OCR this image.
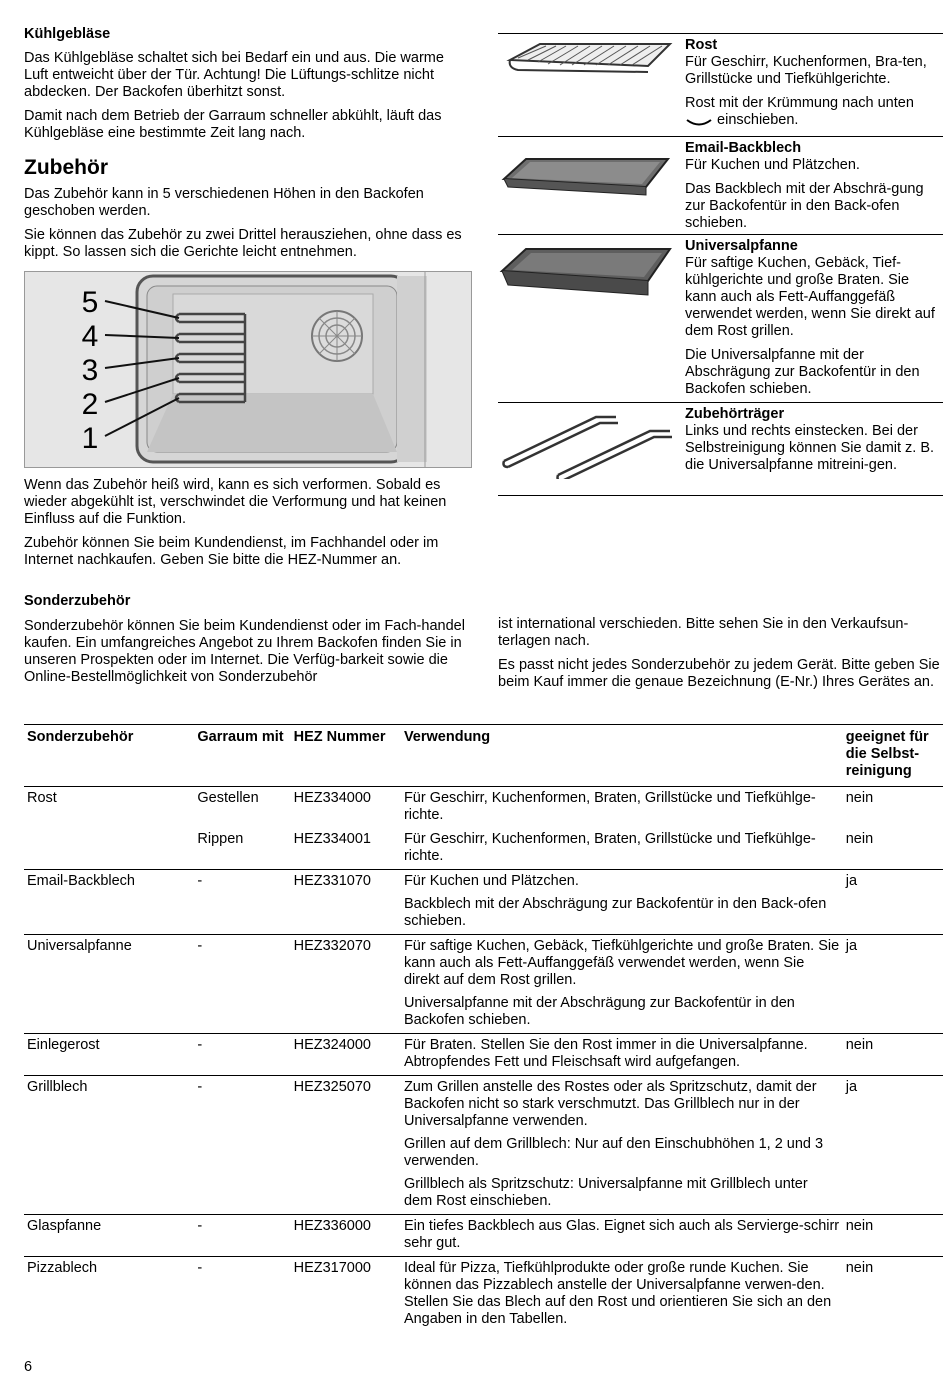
Kühlgebläse

Das Kühlgebläse schaltet sich bei Bedarf ein und aus. Die warme Luft entweicht über der Tür. Achtung! Die Lüftungs-schlitze nicht abdecken. Der Backofen überhitzt sonst.

Damit nach dem Betrieb der Garraum schneller abkühlt, läuft das Kühlgebläse eine bestimmte Zeit lang nach.

Zubehör

Das Zubehör kann in 5 verschiedenen Höhen in den Backofen geschoben werden.

Sie können das Zubehör zu zwei Drittel herausziehen, ohne dass es kippt. So lassen sich die Gerichte leicht entnehmen.

5
4
3
2
1

Wenn das Zubehör heiß wird, kann es sich verformen. Sobald es wieder abgekühlt ist, verschwindet die Verformung und hat keinen Einfluss auf die Funktion.

Zubehör können Sie beim Kundendienst, im Fachhandel oder im Internet nachkaufen. Geben Sie bitte die HEZ-Nummer an.

Rost

Für Geschirr, Kuchenformen, Bra-ten, Grillstücke und Tiefkühlgerichte.

Rost mit der Krümmung nach unten

einschieben.

Email-Backblech

Für Kuchen und Plätzchen.

Das Backblech mit der Abschrä-gung zur Backofentür in den Back-ofen schieben.

Universalpfanne

Für saftige Kuchen, Gebäck, Tief-kühlgerichte und große Braten. Sie kann auch als Fett-Auffanggefäß verwendet werden, wenn Sie direkt auf dem Rost grillen.

Die Universalpfanne mit der Abschrägung zur Backofentür in den Backofen schieben.

Zubehörträger

Links und rechts einstecken. Bei der Selbstreinigung können Sie damit z. B. die Universalpfanne mitreini-gen.

Sonderzubehör

Sonderzubehör können Sie beim Kundendienst oder im Fach-handel kaufen. Ein umfangreiches Angebot zu Ihrem Backofen finden Sie in unseren Prospekten oder im Internet. Die Verfüg-barkeit sowie die Online-Bestellmöglichkeit von Sonderzubehör

ist international verschieden. Bitte sehen Sie in den Verkaufsun-terlagen nach.

Es passt nicht jedes Sonderzubehör zu jedem Gerät. Bitte geben Sie beim Kauf immer die genaue Bezeichnung (E-Nr.) Ihres Gerätes an.

Sonderzubehör	Garraum mit	HEZ Nummer	Verwendung	geeignet für die Selbst-reinigung
Rost	Gestellen	HEZ334000	Für Geschirr, Kuchenformen, Braten, Grillstücke und Tiefkühlge-richte.	nein
	Rippen	HEZ334001	Für Geschirr, Kuchenformen, Braten, Grillstücke und Tiefkühlge-richte.	nein
Email-Backblech	-	HEZ331070	Für Kuchen und Plätzchen.

Backblech mit der Abschrägung zur Backofentür in den Back-ofen schieben.	ja
Universalpfanne	-	HEZ332070	Für saftige Kuchen, Gebäck, Tiefkühlgerichte und große Braten. Sie kann auch als Fett-Auffanggefäß verwendet werden, wenn Sie direkt auf dem Rost grillen.

Universalpfanne mit der Abschrägung zur Backofentür in den Backofen schieben.	ja
Einlegerost	-	HEZ324000	Für Braten. Stellen Sie den Rost immer in die Universalpfanne. Abtropfendes Fett und Fleischsaft wird aufgefangen.	nein
Grillblech	-	HEZ325070	Zum Grillen anstelle des Rostes oder als Spritzschutz, damit der Backofen nicht so stark verschmutzt. Das Grillblech nur in der Universalpfanne verwenden.

Grillen auf dem Grillblech: Nur auf den Einschubhöhen 1, 2 und 3 verwenden.

Grillblech als Spritzschutz: Universalpfanne mit Grillblech unter dem Rost einschieben.	ja
Glaspfanne	-	HEZ336000	Ein tiefes Backblech aus Glas. Eignet sich auch als Servierge-schirr sehr gut.	nein
Pizzablech	-	HEZ317000	Ideal für Pizza, Tiefkühlprodukte oder große runde Kuchen. Sie können das Pizzablech anstelle der Universalpfanne verwen-den. Stellen Sie das Blech auf den Rost und orientieren Sie sich an den Angaben in den Tabellen.	nein
6
